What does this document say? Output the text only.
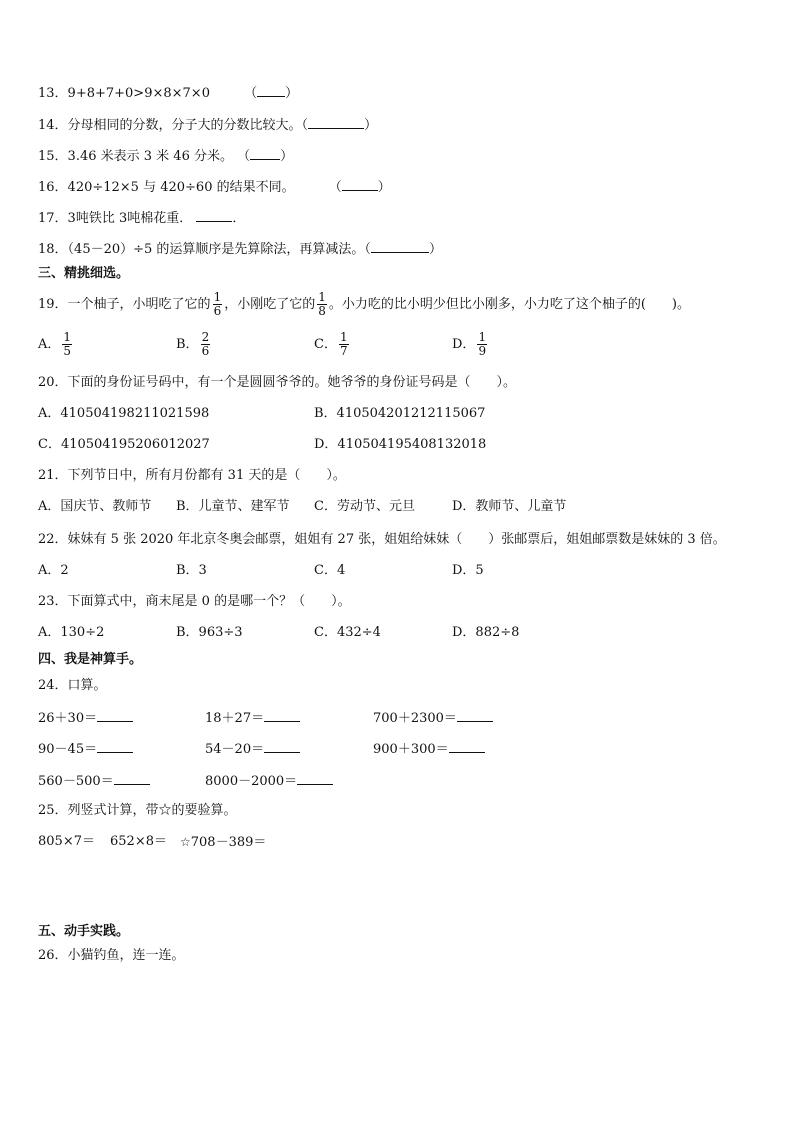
13．9+8+7+0>9×8×7×0	（ ）
14．分母相同的分数，分子大的分数比较大。（	）
15．3.46 米表示 3 米 46 分米。 （ ）
16．420÷12×5 与 420÷60 的结果不同。	（	）
17．3吨铁比 3吨棉花重．	．
18．（45－20）÷5 的运算顺序是先算除法，再算减法。（	）
三、精挑细选。
19．一个柚子，小明吃了它的 $\frac{1}{6}$ ，小刚吃了它的 $\frac{1}{8}$ 。小力吃的比小明少但比小刚多，小力吃了这个柚子的(　　)。
A． $\frac{1}{5}$	B． $\frac{2}{6}$	C． $\frac{1}{7}$	D． $\frac{1}{9}$
20．下面的身份证号码中，有一个是圆圆爷爷的。她爷爷的身份证号码是（　　）。
A．410504198211021598	B．410504201212115067
C．410504195206012027	D．410504195408132018
21．下列节日中，所有月份都有 31 天的是（　　）。
A．国庆节、教师节 B．儿童节、建军节 C．劳动节、元旦	D．教师节、儿童节
22．妹妹有 5 张 2020 年北京冬奥会邮票，姐姐有 27 张，姐姐给妹妹（　　）张邮票后，姐姐邮票数是妹妹的 3 倍。
A．2	B．3	C．4	D．5
23．下面算式中，商末尾是 0 的是哪一个？（　　）。
A．130÷2	B．963÷3	C．432÷4	D．882÷8
四、我是神算手。
24．口算。
26＋30＝	18＋27＝	700＋2300＝
90－45＝	54－20＝	900＋300＝
560－500＝	8000－2000＝
25．列竖式计算，带☆的要验算。
805×7＝ 652×8＝ ☆708－389＝
五、动手实践。
26．小猫钓鱼，连一连。
